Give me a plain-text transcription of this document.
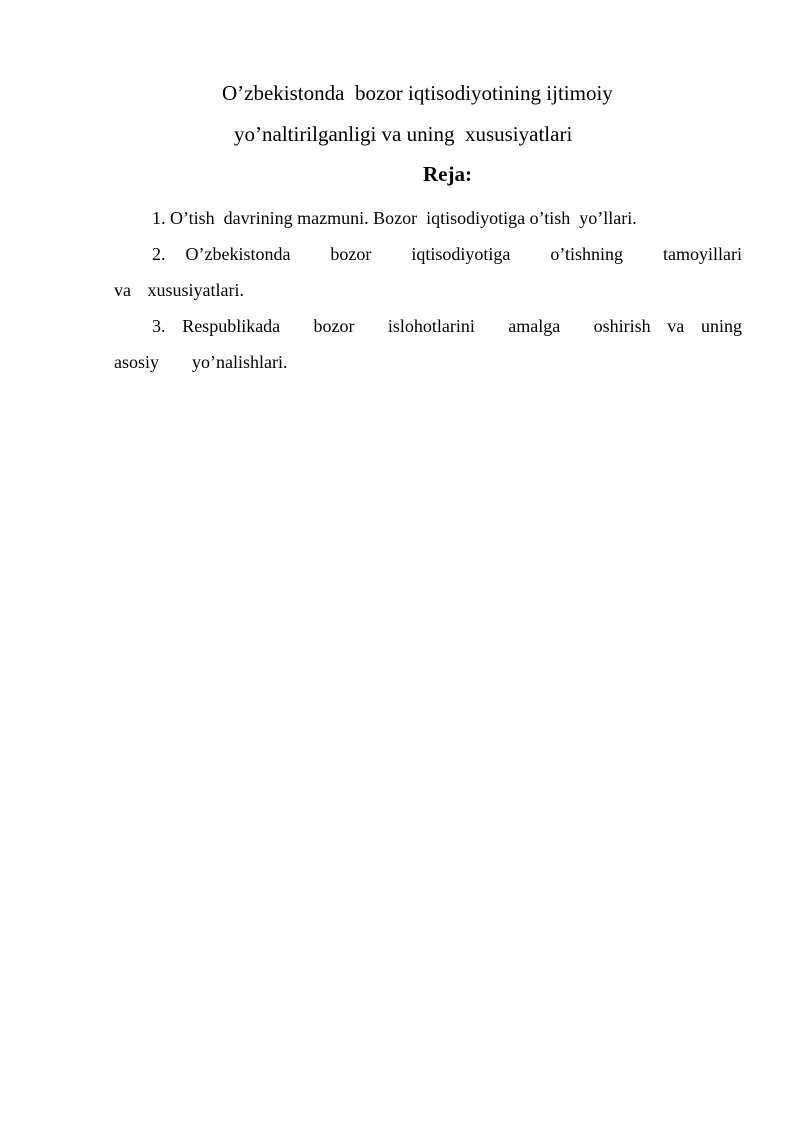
O’zbekistonda  bozor iqtisodiyotining ijtimoiy
yo’naltirilganligi va uning  xususiyatlari
Reja:

1. O’tish  davrining mazmuni. Bozor  iqtisodiyotiga o’tish  yo’llari.

2. O’zbekistonda  bozor  iqtisodiyotiga  o’tishning  tamoyillari va xususiyatlari.

3. Respublikada  bozor  islohotlarini  amalga  oshirish va uning asosiy  yo’nalishlari.
